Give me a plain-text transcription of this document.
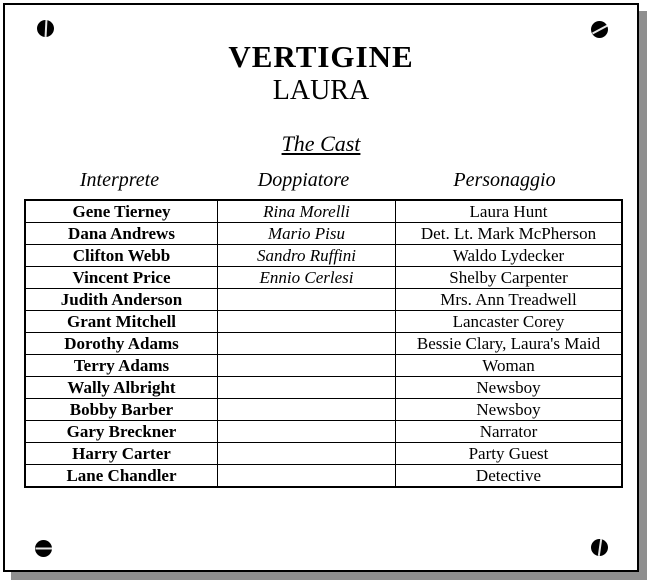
VERTIGINE
LAURA
The Cast
Interprete	Doppiatore	Personaggio
Gene Tierney	Rina Morelli	Laura Hunt
Dana Andrews	Mario Pisu	Det. Lt. Mark McPherson
Clifton Webb	Sandro Ruffini	Waldo Lydecker
Vincent Price	Ennio Cerlesi	Shelby Carpenter
Judith Anderson		Mrs. Ann Treadwell
Grant Mitchell		Lancaster Corey
Dorothy Adams		Bessie Clary, Laura's Maid
Terry Adams		Woman
Wally Albright		Newsboy
Bobby Barber		Newsboy
Gary Breckner		Narrator
Harry Carter		Party Guest
Lane Chandler		Detective
